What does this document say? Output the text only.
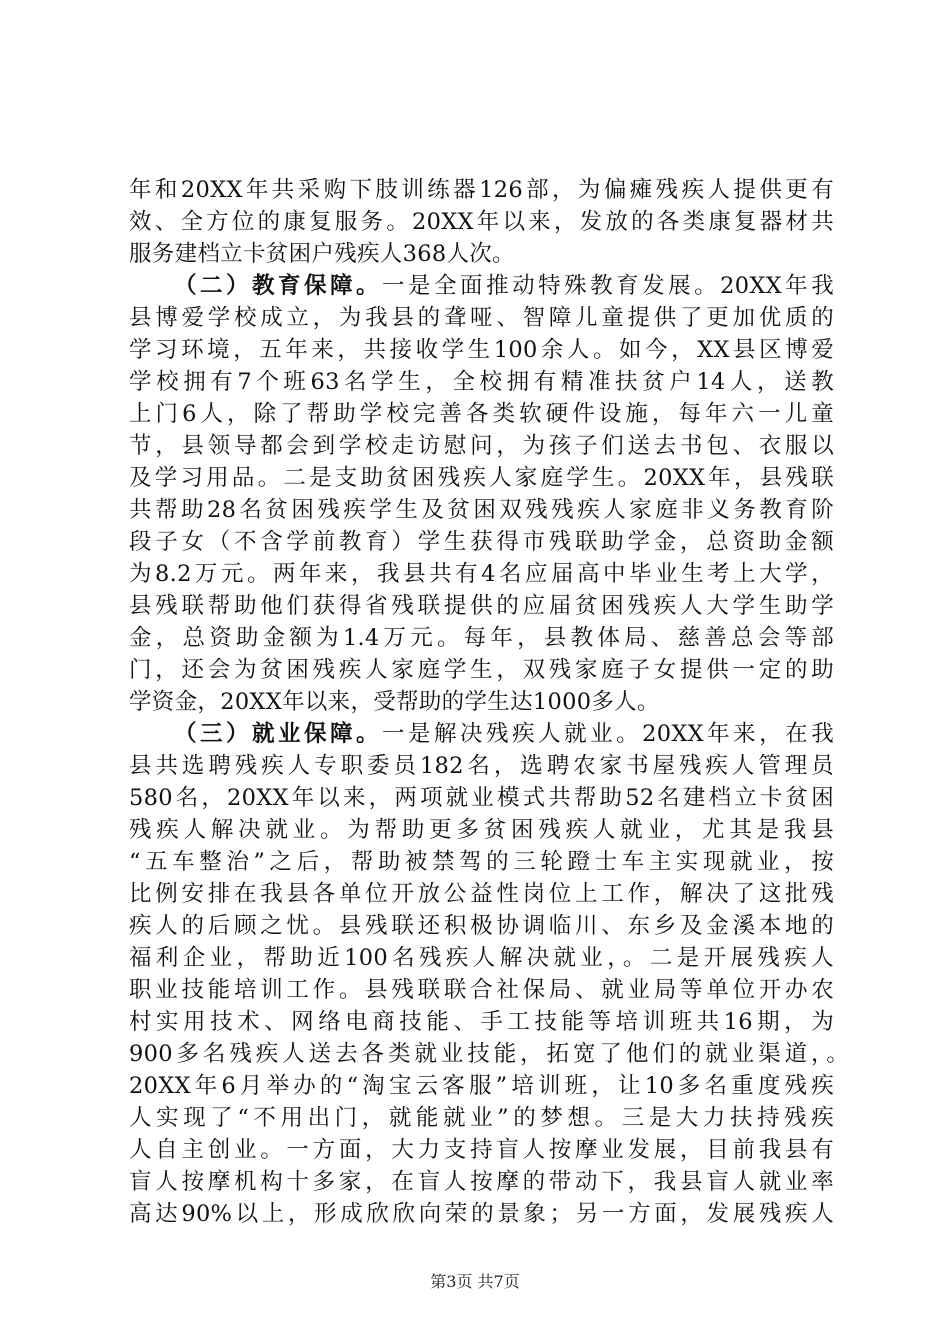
年和20XX年共采购下肢训练器126部，为偏瘫残疾人提供更有
效、全方位的康复服务。20XX年以来，发放的各类康复器材共
服务建档立卡贫困户残疾人368人次。
（二）教育保障。一是全面推动特殊教育发展。20XX年我
县博爱学校成立，为我县的聋哑、智障儿童提供了更加优质的
学习环境，五年来，共接收学生100余人。如今，XX县区博爱
学校拥有7个班63名学生，全校拥有精准扶贫户14人，送教
上门6人，除了帮助学校完善各类软硬件设施，每年六一儿童
节，县领导都会到学校走访慰问，为孩子们送去书包、衣服以
及学习用品。二是支助贫困残疾人家庭学生。20XX年，县残联
共帮助28名贫困残疾学生及贫困双残残疾人家庭非义务教育阶
段子女（不含学前教育）学生获得市残联助学金，总资助金额
为8.2万元。两年来，我县共有4名应届高中毕业生考上大学，
县残联帮助他们获得省残联提供的应届贫困残疾人大学生助学
金，总资助金额为1.4万元。每年，县教体局、慈善总会等部
门，还会为贫困残疾人家庭学生，双残家庭子女提供一定的助
学资金，20XX年以来，受帮助的学生达1000多人。
（三）就业保障。一是解决残疾人就业。20XX年来，在我
县共选聘残疾人专职委员182名，选聘农家书屋残疾人管理员
580名，20XX年以来，两项就业模式共帮助52名建档立卡贫困
残疾人解决就业。为帮助更多贫困残疾人就业，尤其是我县
“五车整治”之后，帮助被禁驾的三轮蹬士车主实现就业，按
比例安排在我县各单位开放公益性岗位上工作，解决了这批残
疾人的后顾之忧。县残联还积极协调临川、东乡及金溪本地的
福利企业，帮助近100名残疾人解决就业，。二是开展残疾人
职业技能培训工作。县残联联合社保局、就业局等单位开办农
村实用技术、网络电商技能、手工技能等培训班共16期，为
900多名残疾人送去各类就业技能，拓宽了他们的就业渠道，。
20XX年6月举办的“淘宝云客服”培训班，让10多名重度残疾
人实现了“不用出门，就能就业”的梦想。三是大力扶持残疾
人自主创业。一方面，大力支持盲人按摩业发展，目前我县有
盲人按摩机构十多家，在盲人按摩的带动下，我县盲人就业率
高达90%以上，形成欣欣向荣的景象；另一方面，发展残疾人
第3页 共7页
